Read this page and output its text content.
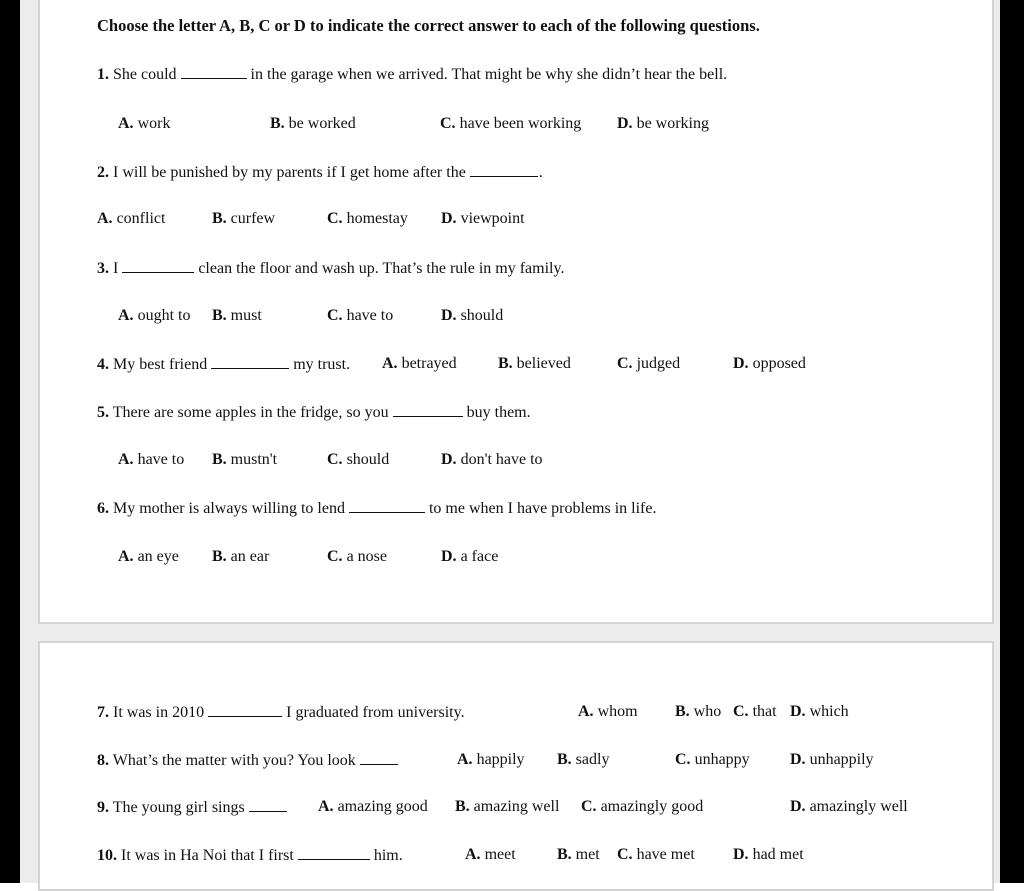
Choose the letter A, B, C or D to indicate the correct answer to each of the following questions.
1. She could	in the garage when we arrived. That might be why she didn’t hear the bell.
A. work	B. be worked	C. have been working D. be working
2. I will be punished by my parents if I get home after the	.
A. conflict	B. curfew	C. homestay D. viewpoint
3. I	clean the floor and wash up. That’s the rule in my family.
A. ought to B. must	C. have to	D. should
4. My best friend	my trust. A. betrayed	B. believed	C. judged	D. opposed
5. There are some apples in the fridge, so you	buy them.
A. have to B. mustn't	C. should	D. don't have to
6. My mother is always willing to lend	to me when I have problems in life.
A. an eye B. an ear	C. a nose	D. a face
7. It was in 2010	I graduated from university.	A. whom B. who C. that D. which
8. What’s the matter with you? You look	A. happily B. sadly	C. unhappy	D. unhappily
9. The young girl sings	A. amazing good B. amazing well C. amazingly good	D. amazingly well
10. It was in Ha Noi that I first	him.	A. meet	B. met C. have met D. had met
